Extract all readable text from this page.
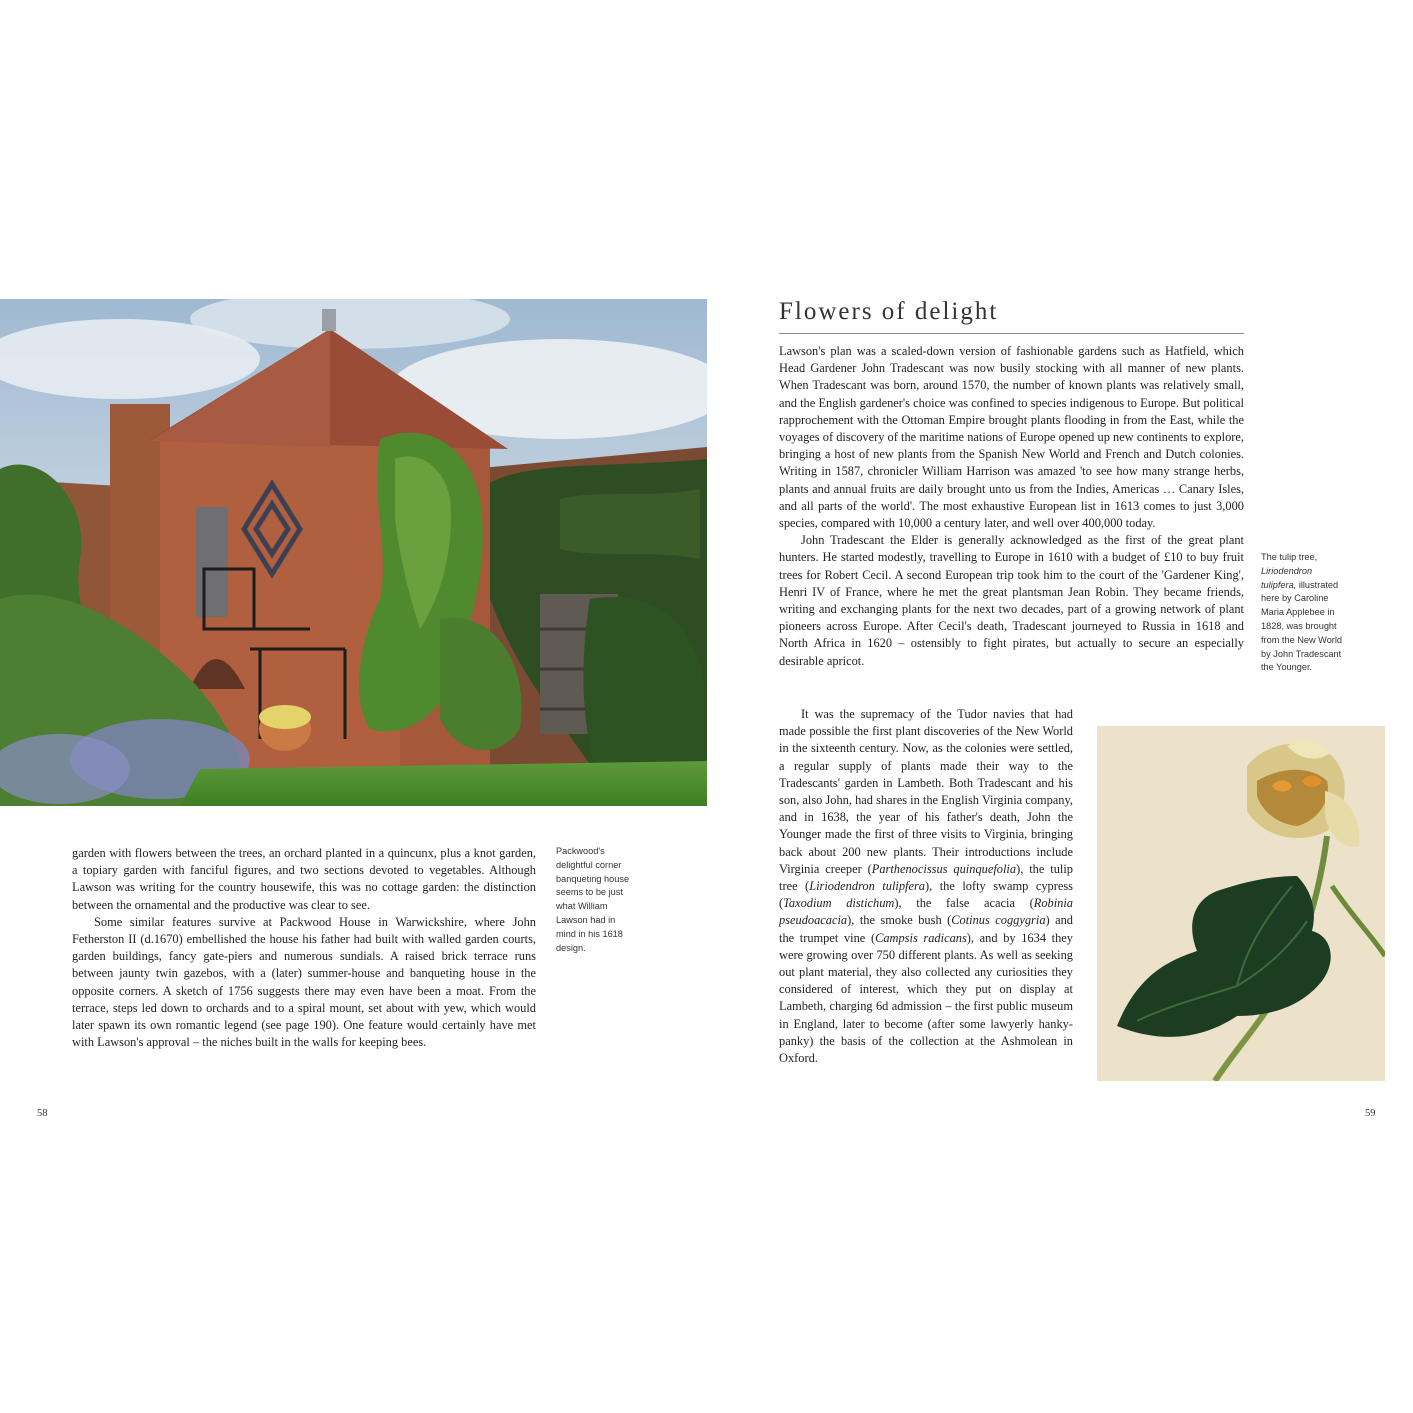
garden with flowers between the trees, an orchard planted in a quincunx, plus a knot garden, a topiary garden with fanciful figures, and two sections devoted to vegetables. Although Lawson was writing for the country housewife, this was no cottage garden: the distinction between the ornamental and the productive was clear to see.

Some similar features survive at Packwood House in Warwickshire, where John Fetherston II (d.1670) embellished the house his father had built with walled garden courts, garden buildings, fancy gate-piers and numerous sundials. A raised brick terrace runs between jaunty twin gazebos, with a (later) summer-house and banqueting house in the opposite corners. A sketch of 1756 suggests there may even have been a moat. From the terrace, steps led down to orchards and to a spiral mount, set about with yew, which would later spawn its own romantic legend (see page 190). One feature would certainly have met with Lawson's approval – the niches built in the walls for keeping bees.

Packwood's delightful corner banqueting house seems to be just what William Lawson had in mind in his 1618 design.

58
Flowers of delight

Lawson's plan was a scaled-down version of fashionable gardens such as Hatfield, which Head Gardener John Tradescant was now busily stocking with all manner of new plants. When Tradescant was born, around 1570, the number of known plants was relatively small, and the English gardener's choice was confined to species indigenous to Europe. But political rapprochement with the Ottoman Empire brought plants flooding in from the East, while the voyages of discovery of the maritime nations of Europe opened up new continents to explore, bringing a host of new plants from the Spanish New World and French and Dutch colonies. Writing in 1587, chronicler William Harrison was amazed 'to see how many strange herbs, plants and annual fruits are daily brought unto us from the Indies, Americas … Canary Isles, and all parts of the world'. The most exhaustive European list in 1613 comes to just 3,000 species, compared with 10,000 a century later, and well over 400,000 today.

John Tradescant the Elder is generally acknowledged as the first of the great plant hunters. He started modestly, travelling to Europe in 1610 with a budget of £10 to buy fruit trees for Robert Cecil. A second European trip took him to the court of the 'Gardener King', Henri IV of France, where he met the great plantsman Jean Robin. They became friends, writing and exchanging plants for the next two decades, part of a growing network of plant pioneers across Europe. After Cecil's death, Tradescant journeyed to Russia in 1618 and North Africa in 1620 – ostensibly to fight pirates, but actually to secure an especially desirable apricot.

It was the supremacy of the Tudor navies that had made possible the first plant discoveries of the New World in the sixteenth century. Now, as the colonies were settled, a regular supply of plants made their way to the Tradescants' garden in Lambeth. Both Tradescant and his son, also John, had shares in the English Virginia company, and in 1638, the year of his father's death, John the Younger made the first of three visits to Virginia, bringing back about 200 new plants. Their introductions include Virginia creeper (Parthenocissus quinquefolia), the tulip tree (Liriodendron tulipfera), the lofty swamp cypress (Taxodium distichum), the false acacia (Robinia pseudoacacia), the smoke bush (Cotinus coggygria) and the trumpet vine (Campsis radicans), and by 1634 they were growing over 750 different plants. As well as seeking out plant material, they also collected any curiosities they considered of interest, which they put on display at Lambeth, charging 6d admission – the first public museum in England, later to become (after some lawyerly hanky-panky) the basis of the collection at the Ashmolean in Oxford.

The tulip tree, Liriodendron tulipfera, illustrated here by Caroline Maria Applebee in 1828, was brought from the New World by John Tradescant the Younger.

59
